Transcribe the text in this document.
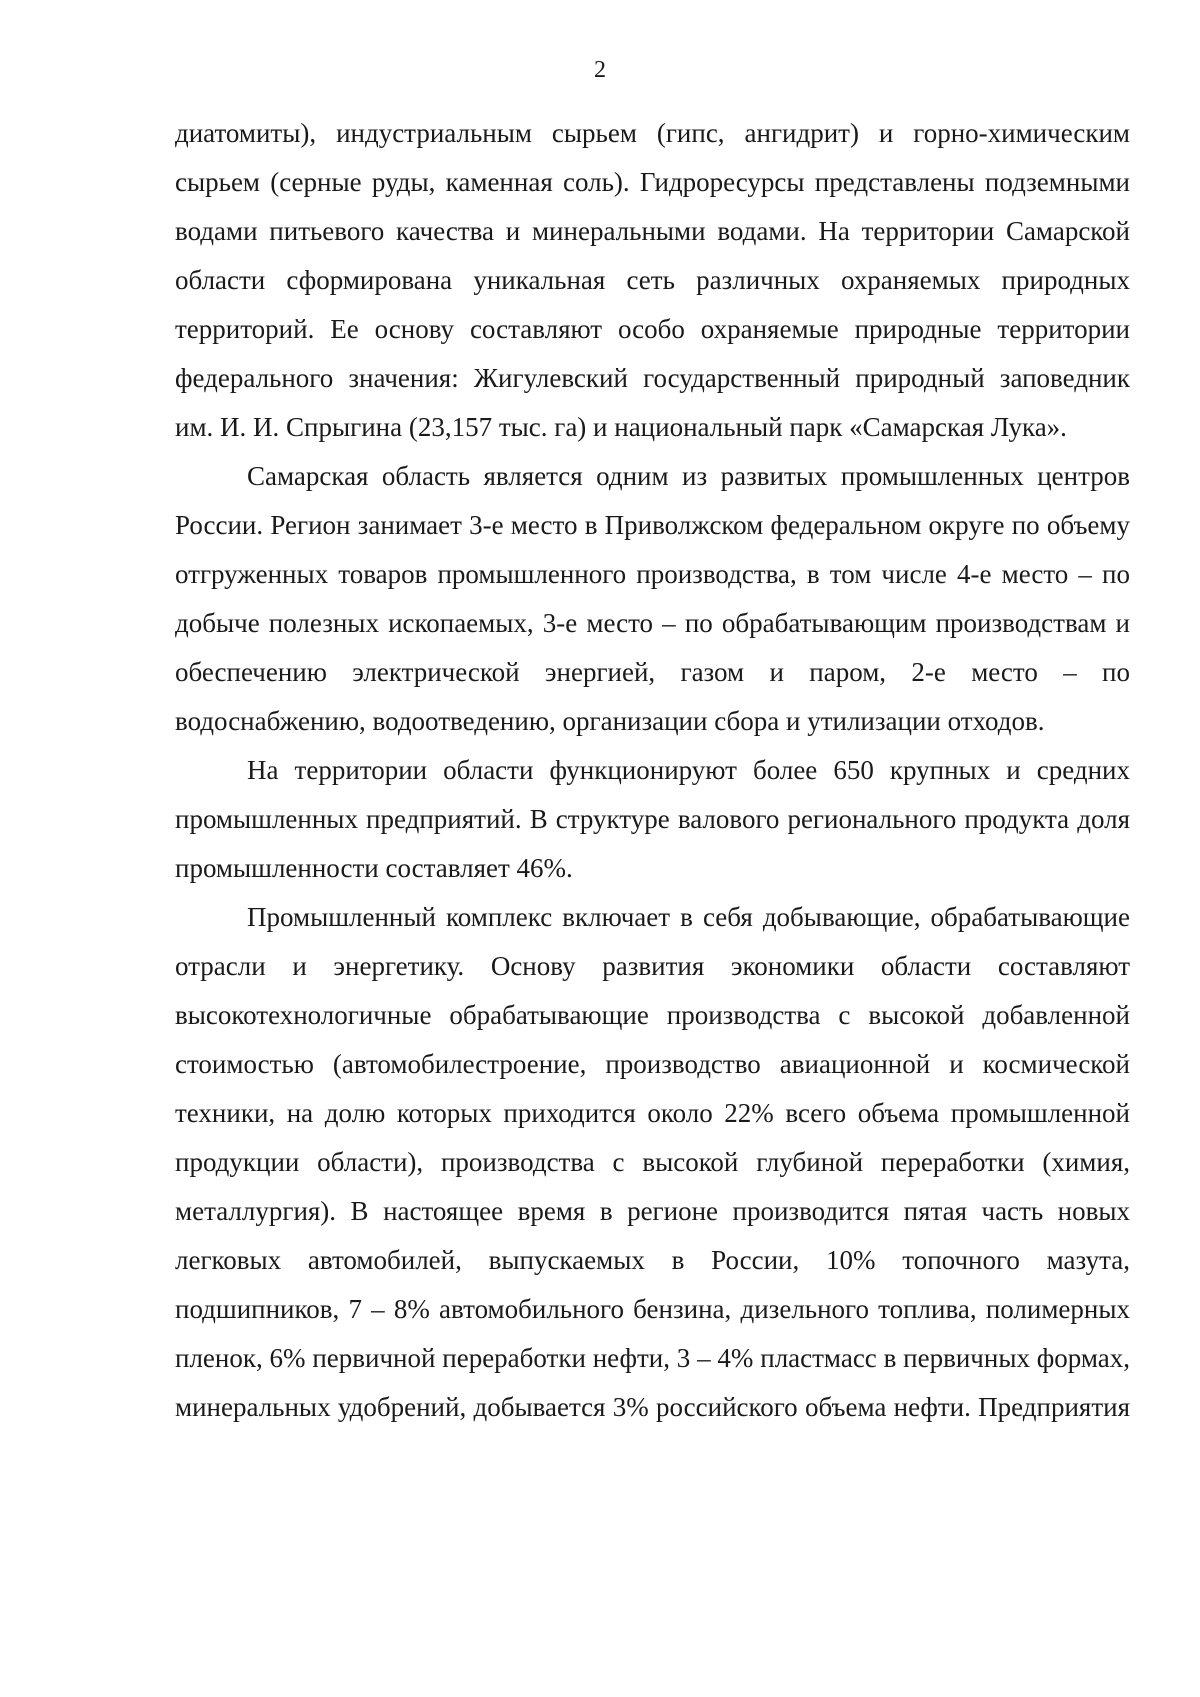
2

диатомиты), индустриальным сырьем (гипс, ангидрит) и горно-химическим сырьем (серные руды, каменная соль). Гидроресурсы представлены подземными водами питьевого качества и минеральными водами. На территории Самарской области сформирована уникальная сеть различных охраняемых природных территорий. Ее основу составляют особо охраняемые природные территории федерального значения: Жигулевский государственный природный заповедник им. И. И. Спрыгина (23,157 тыс. га) и национальный парк «Самарская Лука».

Самарская область является одним из развитых промышленных центров России. Регион занимает 3-е место в Приволжском федеральном округе по объему отгруженных товаров промышленного производства, в том числе 4-е место – по добыче полезных ископаемых, 3-е место – по обрабатывающим производствам и обеспечению электрической энергией, газом и паром, 2-е место – по водоснабжению, водоотведению, организации сбора и утилизации отходов.

На территории области функционируют более 650 крупных и средних промышленных предприятий. В структуре валового регионального продукта доля промышленности составляет 46%.

Промышленный комплекс включает в себя добывающие, обрабатывающие отрасли и энергетику. Основу развития экономики области составляют высокотехнологичные обрабатывающие производства с высокой добавленной стоимостью (автомобилестроение, производство авиационной и космической техники, на долю которых приходится около 22% всего объема промышленной продукции области), производства с высокой глубиной переработки (химия, металлургия). В настоящее время в регионе производится пятая часть новых легковых автомобилей, выпускаемых в России, 10% топочного мазута, подшипников, 7 – 8% автомобильного бензина, дизельного топлива, полимерных пленок, 6% первичной переработки нефти, 3 – 4% пластмасс в первичных формах, минеральных удобрений, добывается 3% российского объема нефти. Предприятия
